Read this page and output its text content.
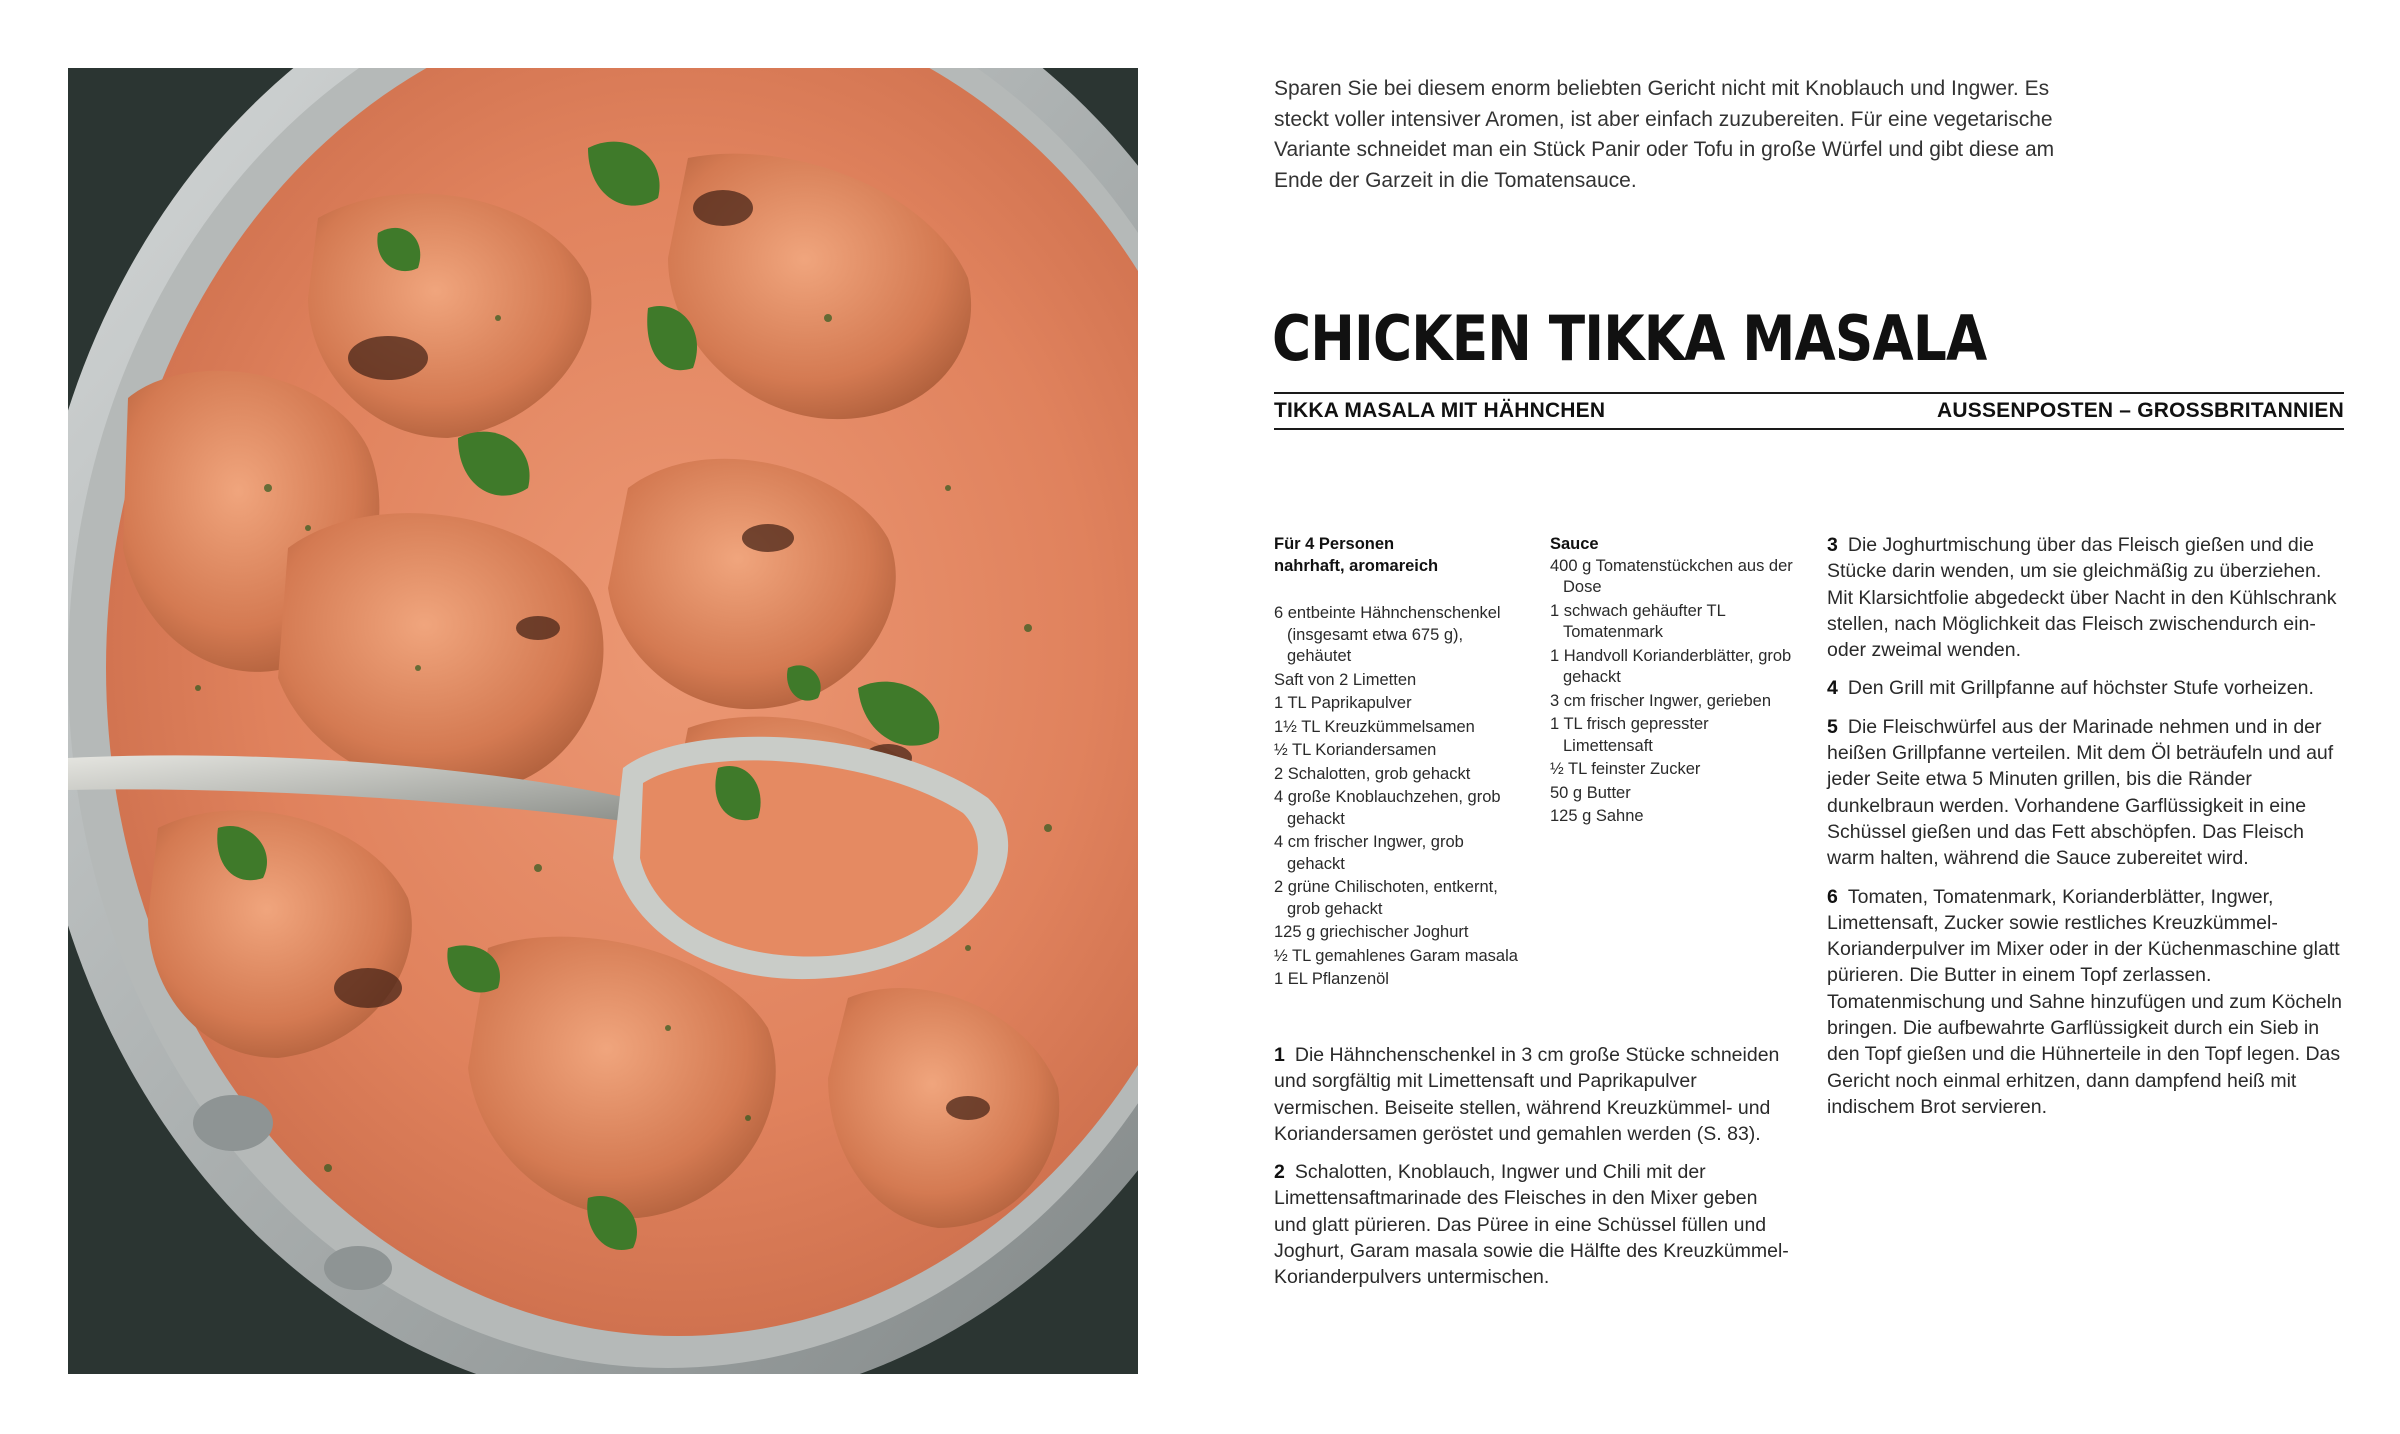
Sparen Sie bei diesem enorm beliebten Gericht nicht mit Knoblauch und Ingwer. Es steckt voller intensiver Aromen, ist aber einfach zuzubereiten. Für eine vegetarische Variante schneidet man ein Stück Panir oder Tofu in große Würfel und gibt diese am Ende der Garzeit in die Tomatensauce.

CHICKEN TIKKA MASALA
TIKKA MASALA MIT HÄHNCHEN	AUSSENPOSTEN – GROSSBRITANNIEN

Für 4 Personen

nahrhaft, aromareich

6 entbeinte Hähnchenschenkel (insgesamt etwa 675 g), gehäutet
Saft von 2 Limetten
1 TL Paprikapulver
1½ TL Kreuzkümmelsamen
½ TL Koriandersamen
2 Schalotten, grob gehackt
4 große Knoblauchzehen, grob gehackt
4 cm frischer Ingwer, grob gehackt
2 grüne Chilischoten, entkernt, grob gehackt
125 g griechischer Joghurt
½ TL gemahlenes Garam masala
1 EL Pflanzenöl

Sauce

400 g Tomatenstückchen aus der Dose
1 schwach gehäufter TL Tomatenmark
1 Handvoll Korianderblätter, grob gehackt
3 cm frischer Ingwer, gerieben
1 TL frisch gepresster Limettensaft
½ TL feinster Zucker
50 g Butter
125 g Sahne

1 Die Hähnchenschenkel in 3 cm große Stücke schneiden und sorgfältig mit Limettensaft und Paprikapulver vermischen. Beiseite stellen, während Kreuzkümmel- und Koriandersamen geröstet und gemahlen werden (S. 83).

2 Schalotten, Knoblauch, Ingwer und Chili mit der Limettensaftmarinade des Fleisches in den Mixer geben und glatt pürieren. Das Püree in eine Schüssel füllen und Joghurt, Garam masala sowie die Hälfte des Kreuzkümmel-Korianderpulvers untermischen.

3 Die Joghurtmischung über das Fleisch gießen und die Stücke darin wenden, um sie gleichmäßig zu überziehen. Mit Klarsichtfolie abgedeckt über Nacht in den Kühlschrank stellen, nach Möglichkeit das Fleisch zwischendurch ein- oder zweimal wenden.

4 Den Grill mit Grillpfanne auf höchster Stufe vorheizen.

5 Die Fleischwürfel aus der Marinade nehmen und in der heißen Grillpfanne verteilen. Mit dem Öl beträufeln und auf jeder Seite etwa 5 Minuten grillen, bis die Ränder dunkelbraun werden. Vorhandene Garflüssigkeit in eine Schüssel gießen und das Fett abschöpfen. Das Fleisch warm halten, während die Sauce zubereitet wird.

6 Tomaten, Tomatenmark, Korianderblätter, Ingwer, Limettensaft, Zucker sowie restliches Kreuzkümmel-Korianderpulver im Mixer oder in der Küchenmaschine glatt pürieren. Die Butter in einem Topf zerlassen. Tomatenmischung und Sahne hinzufügen und zum Köcheln bringen. Die aufbewahrte Garflüssigkeit durch ein Sieb in den Topf gießen und die Hühnerteile in den Topf legen. Das Gericht noch einmal erhitzen, dann dampfend heiß mit indischem Brot servieren.
